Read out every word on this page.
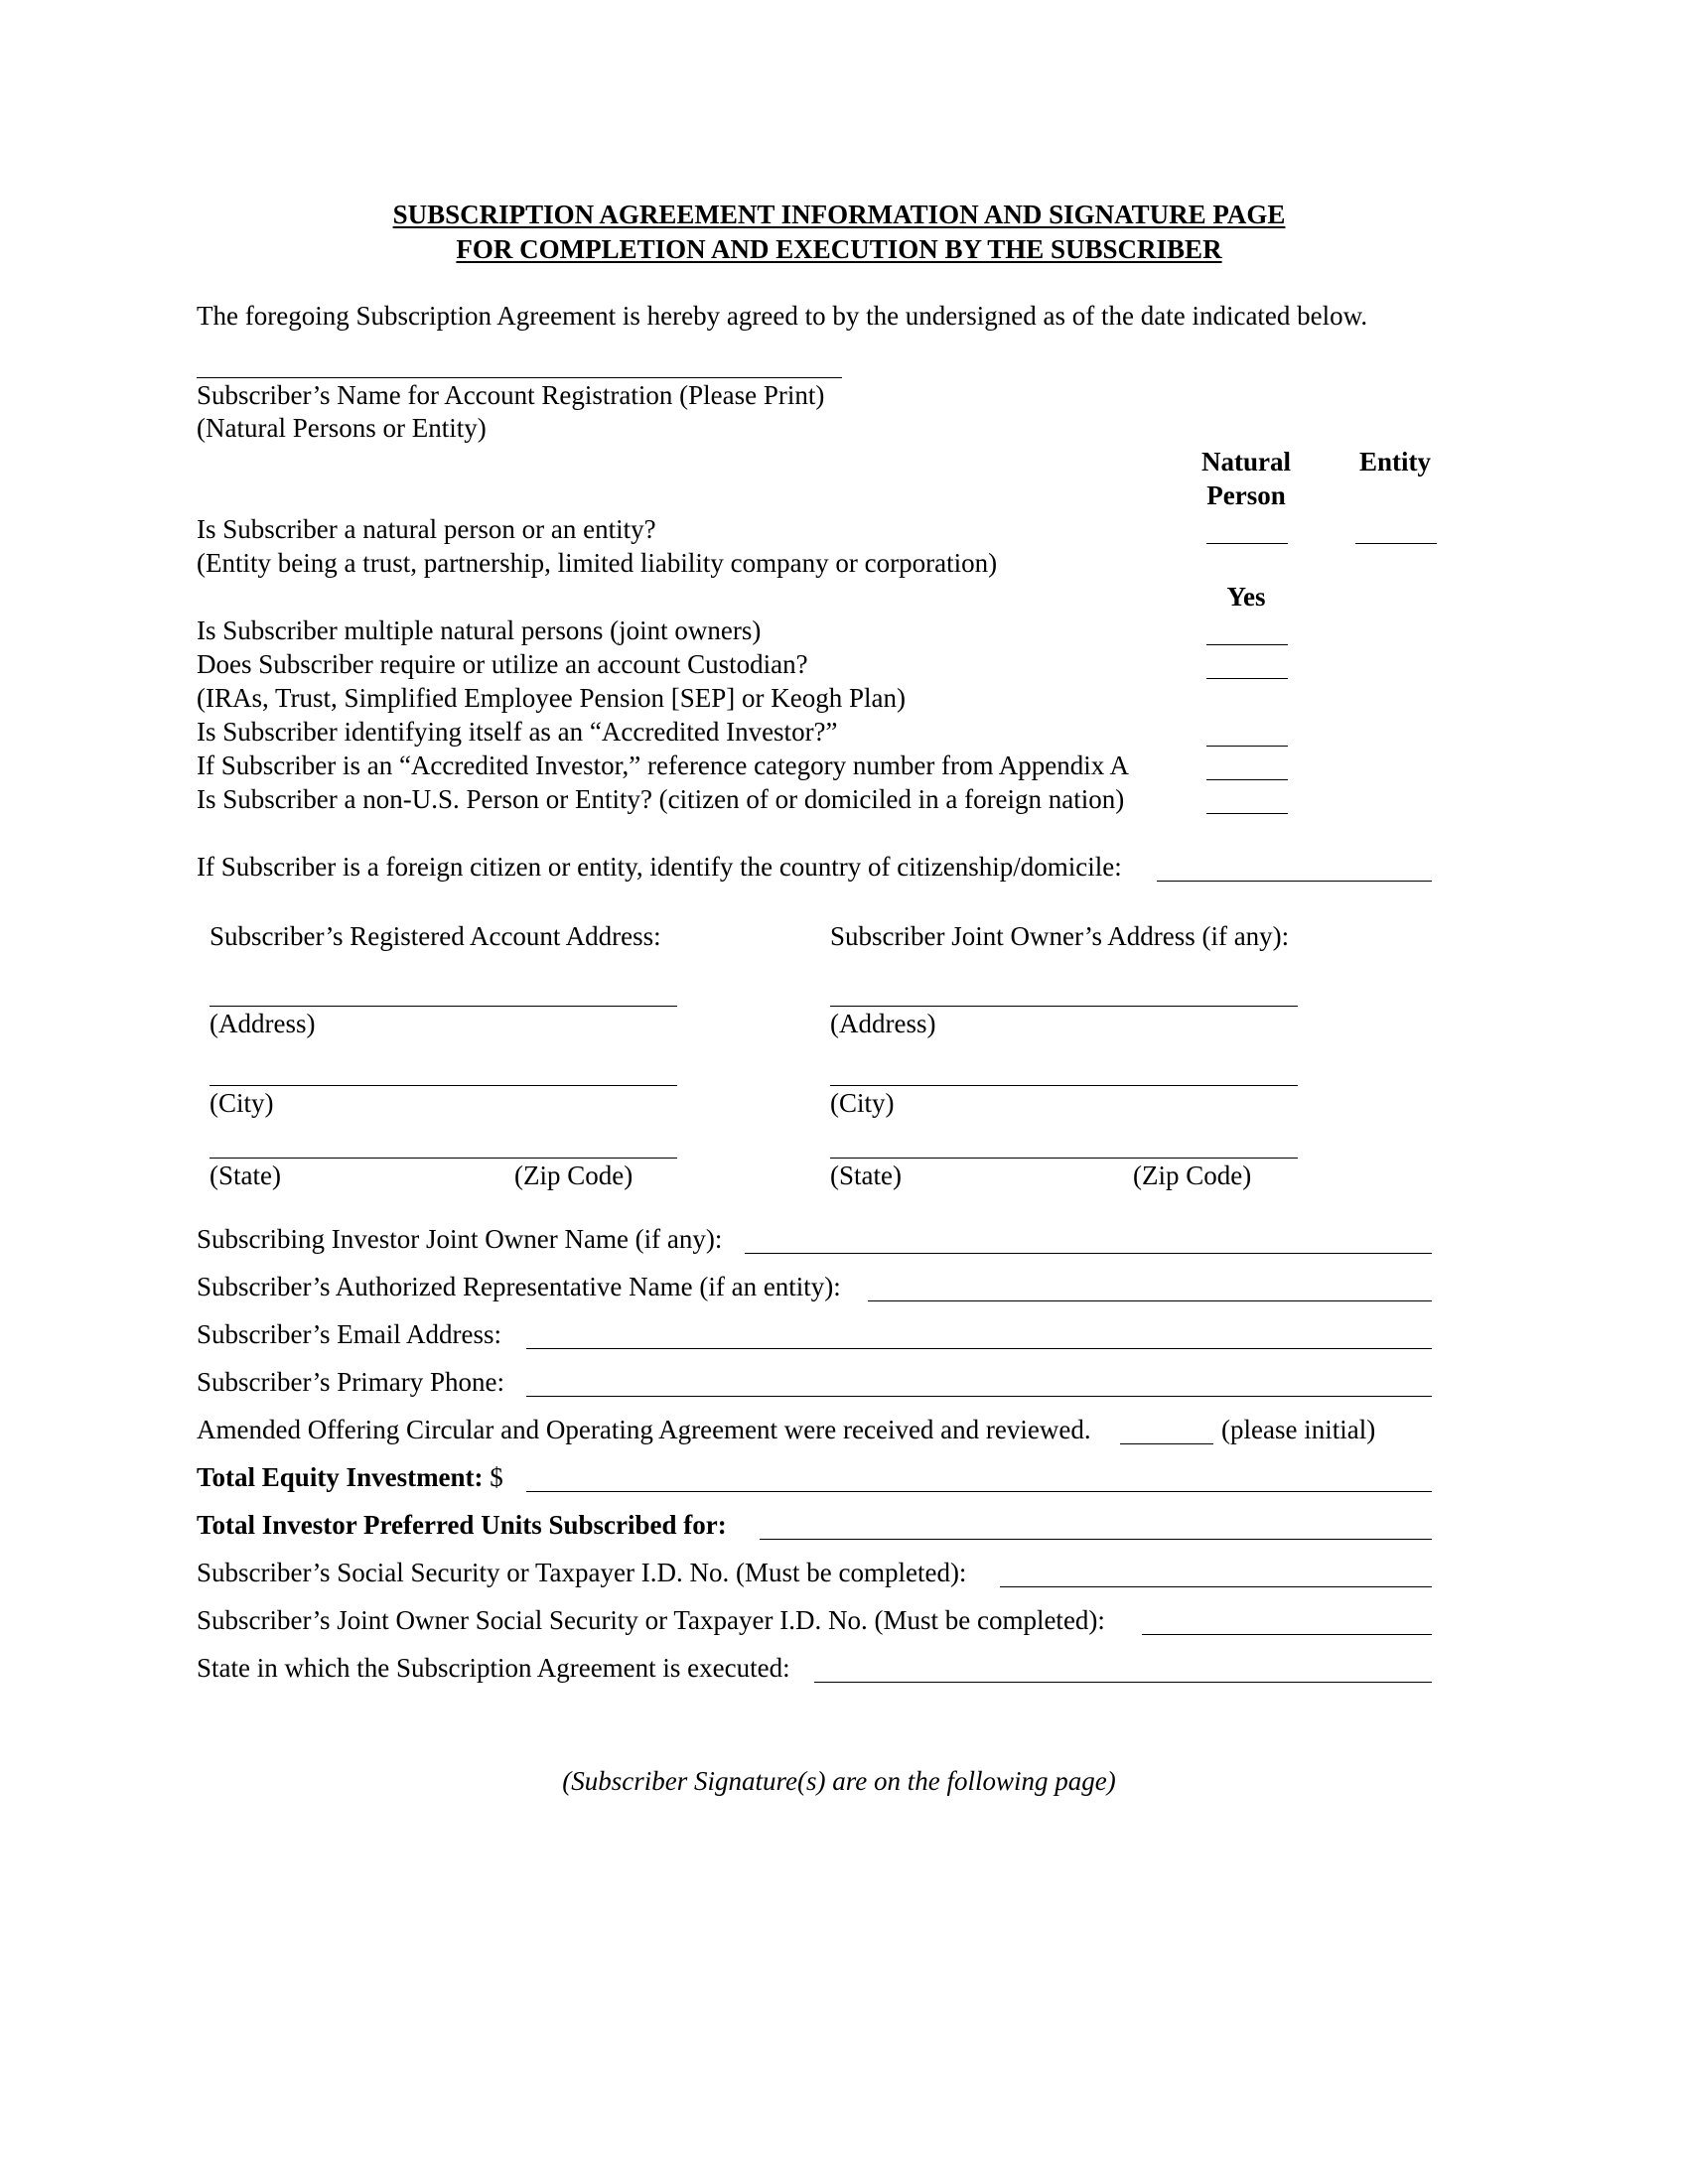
SUBSCRIPTION AGREEMENT INFORMATION AND SIGNATURE PAGE
FOR COMPLETION AND EXECUTION BY THE SUBSCRIBER
The foregoing Subscription Agreement is hereby agreed to by the undersigned as of the date indicated below.
Subscriber’s Name for Account Registration (Please Print)
(Natural Persons or Entity)
Natural
Person
Entity
Is Subscriber a natural person or an entity?
(Entity being a trust, partnership, limited liability company or corporation)
Yes
Is Subscriber multiple natural persons (joint owners)
Does Subscriber require or utilize an account Custodian?
(IRAs, Trust, Simplified Employee Pension [SEP] or Keogh Plan)
Is Subscriber identifying itself as an “Accredited Investor?”
If Subscriber is an “Accredited Investor,” reference category number from Appendix A
Is Subscriber a non-U.S. Person or Entity? (citizen of or domiciled in a foreign nation)
If Subscriber is a foreign citizen or entity, identify the country of citizenship/domicile:
Subscriber’s Registered Account Address:	Subscriber Joint Owner’s Address (if any):
(Address)	(Address)
(City)	(City)
(State)	(Zip Code)	(State)	(Zip Code)
Subscribing Investor Joint Owner Name (if any):
Subscriber’s Authorized Representative Name (if an entity):
Subscriber’s Email Address:
Subscriber’s Primary Phone:
Amended Offering Circular and Operating Agreement were received and reviewed.	(please initial)
Total Equity Investment: $
Total Investor Preferred Units Subscribed for:
Subscriber’s Social Security or Taxpayer I.D. No. (Must be completed):
Subscriber’s Joint Owner Social Security or Taxpayer I.D. No. (Must be completed):
State in which the Subscription Agreement is executed:
(Subscriber Signature(s) are on the following page)
